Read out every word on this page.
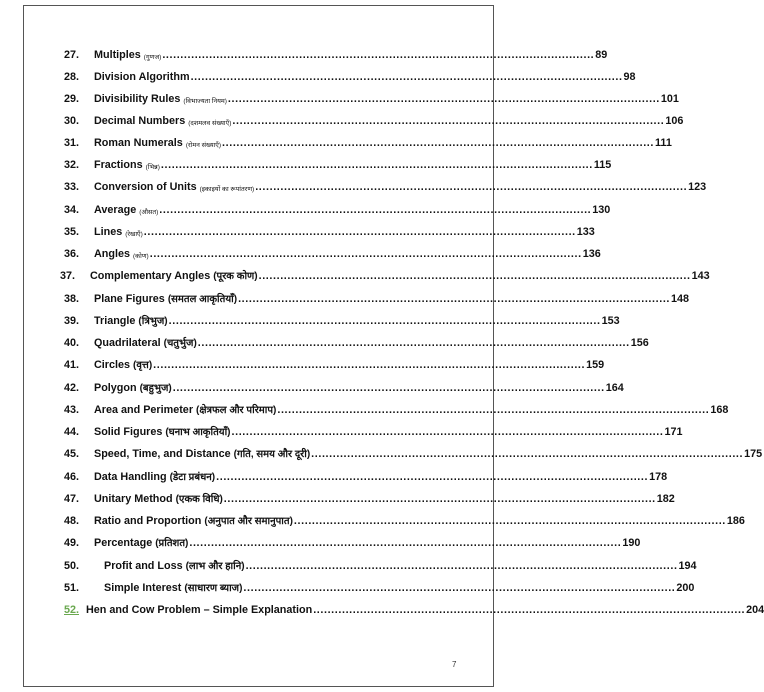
27.	Multiples (गुणज) ........................................................................................................................ 89
28.	Division Algorithm ........................................................................................................................ 98
29.	Divisibility Rules (विभाज्यता नियम) ........................................................................................................................ 101
30.	Decimal Numbers (दशमलव संख्याएँ) ........................................................................................................................ 106
31.	Roman Numerals (रोमन संख्याएँ) ........................................................................................................................ 111
32.	Fractions (भिन्न) ........................................................................................................................ 115
33.	Conversion of Units (इकाइयों का रूपांतरण) ........................................................................................................................ 123
34.	Average (औसत) ........................................................................................................................ 130
35.	Lines (रेखाएँ) ........................................................................................................................ 133
36.	Angles (कोण) ........................................................................................................................ 136
37.	Complementary Angles (पूरक कोण) ........................................................................................................................ 143
38.	Plane Figures (समतल आकृतियाँ) ........................................................................................................................ 148
39.	Triangle (त्रिभुज) ........................................................................................................................ 153
40.	Quadrilateral (चतुर्भुज) ........................................................................................................................ 156
41.	Circles (वृत्त) ........................................................................................................................ 159
42.	Polygon (बहुभुज) ........................................................................................................................ 164
43.	Area and Perimeter (क्षेत्रफल और परिमाप) ........................................................................................................................ 168
44.	Solid Figures (घनाभ आकृतियाँ) ........................................................................................................................ 171
45.	Speed, Time, and Distance (गति, समय और दूरी) ........................................................................................................................ 175
46.	Data Handling (डेटा प्रबंधन) ........................................................................................................................ 178
47.	Unitary Method (एकक विधि) ........................................................................................................................ 182
48.	Ratio and Proportion (अनुपात और समानुपात) ........................................................................................................................ 186
49.	Percentage (प्रतिशत) ........................................................................................................................ 190
50.	Profit and Loss (लाभ और हानि) ........................................................................................................................ 194
51.	Simple Interest (साधारण ब्याज) ........................................................................................................................ 200
52. Hen and Cow Problem – Simple Explanation ........................................................................................................................ 204
7
